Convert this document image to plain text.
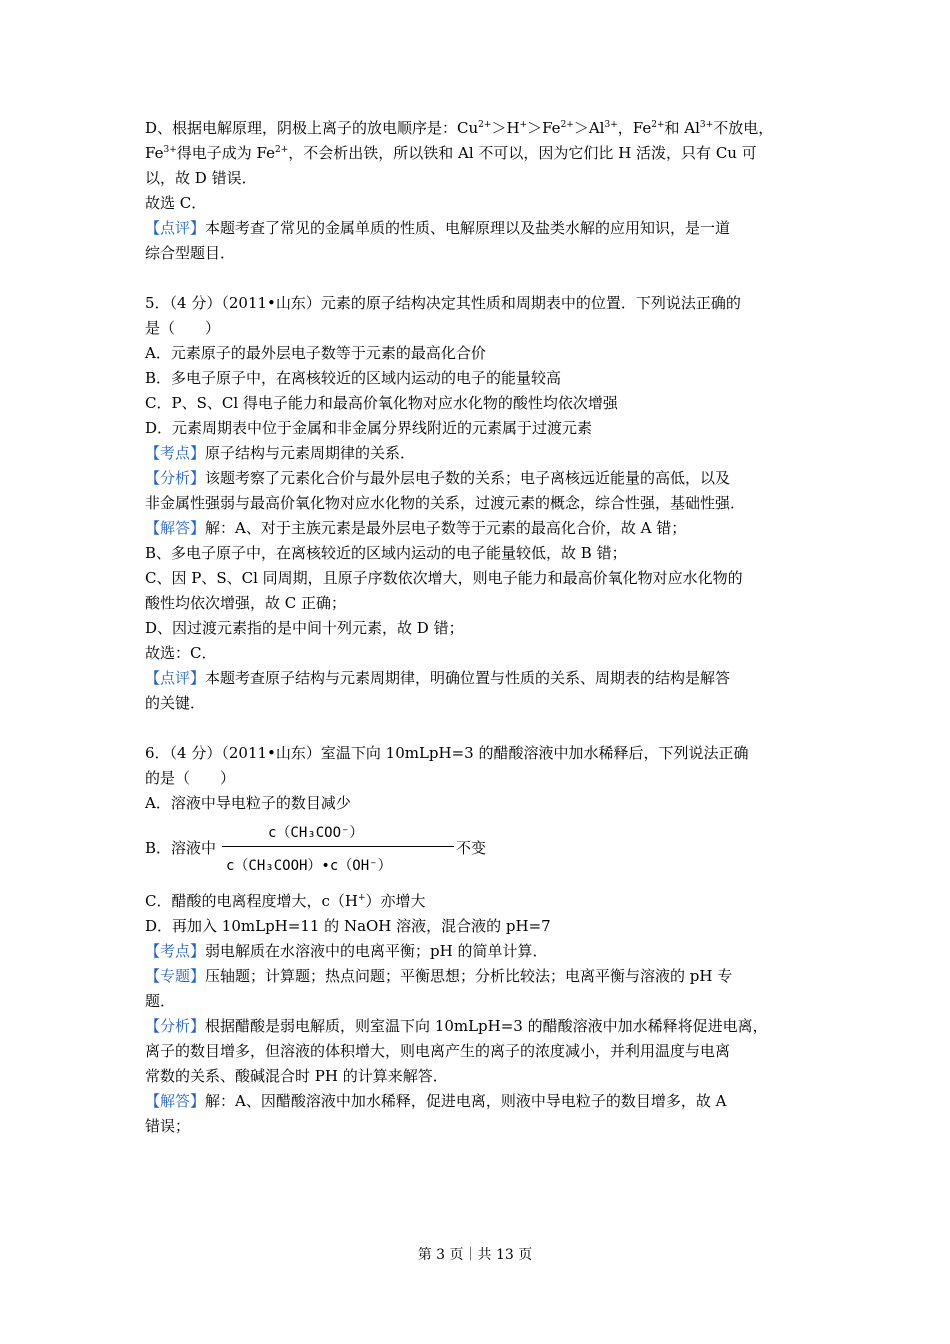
D、根据电解原理，阴极上离子的放电顺序是：$Cu^{2+}>H^+>Fe^{2+}>Al^{3+}$，$Fe^{2+}$和 $Al^{3+}$不放电，
$Fe^{3+}$得电子成为 $Fe^{2+}$，不会析出铁，所以铁和 Al 不可以，因为它们比 H 活泼，只有 Cu 可
以，故 D 错误．
故选 C．
【点评】本题考查了常见的金属单质的性质、电解原理以及盐类水解的应用知识，是一道
综合型题目．
5．（4 分）（2011•山东）元素的原子结构决定其性质和周期表中的位置．下列说法正确的
是（　　）
A．元素原子的最外层电子数等于元素的最高化合价
B．多电子原子中，在离核较近的区域内运动的电子的能量较高
C．P、S、Cl 得电子能力和最高价氧化物对应水化物的酸性均依次增强
D．元素周期表中位于金属和非金属分界线附近的元素属于过渡元素
【考点】原子结构与元素周期律的关系．
【分析】该题考察了元素化合价与最外层电子数的关系；电子离核远近能量的高低，以及
非金属性强弱与最高价氧化物对应水化物的关系，过渡元素的概念，综合性强，基础性强．
【解答】解：A、对于主族元素是最外层电子数等于元素的最高化合价，故 A 错；
B、多电子原子中，在离核较近的区域内运动的电子能量较低，故 B 错；
C、因 P、S、Cl 同周期，且原子序数依次增大，则电子能力和最高价氧化物对应水化物的
酸性均依次增强，故 C 正确；
D、因过渡元素指的是中间十列元素，故 D 错；
故选：C．
【点评】本题考查原子结构与元素周期律，明确位置与性质的关系、周期表的结构是解答
的关键．
6．（4 分）（2011•山东）室温下向 10mLpH=3 的醋酸溶液中加水稀释后，下列说法正确
的是（　　）
A．溶液中导电粒子的数目减少
B．溶液中
c（CH₃COO⁻）
c（CH₃COOH）•c（OH⁻）
不变
C．醋酸的电离程度增大，c（H+）亦增大
D．再加入 10mLpH=11 的 NaOH 溶液，混合液的 pH=7
【考点】弱电解质在水溶液中的电离平衡；pH 的简单计算．
【专题】压轴题；计算题；热点问题；平衡思想；分析比较法；电离平衡与溶液的 pH 专
题．
【分析】根据醋酸是弱电解质，则室温下向 10mLpH=3 的醋酸溶液中加水稀释将促进电离，
离子的数目增多，但溶液的体积增大，则电离产生的离子的浓度减小，并利用温度与电离
常数的关系、酸碱混合时 PH 的计算来解答．
【解答】解：A、因醋酸溶液中加水稀释，促进电离，则液中导电粒子的数目增多，故 A
错误；
第 3 页｜共 13 页
